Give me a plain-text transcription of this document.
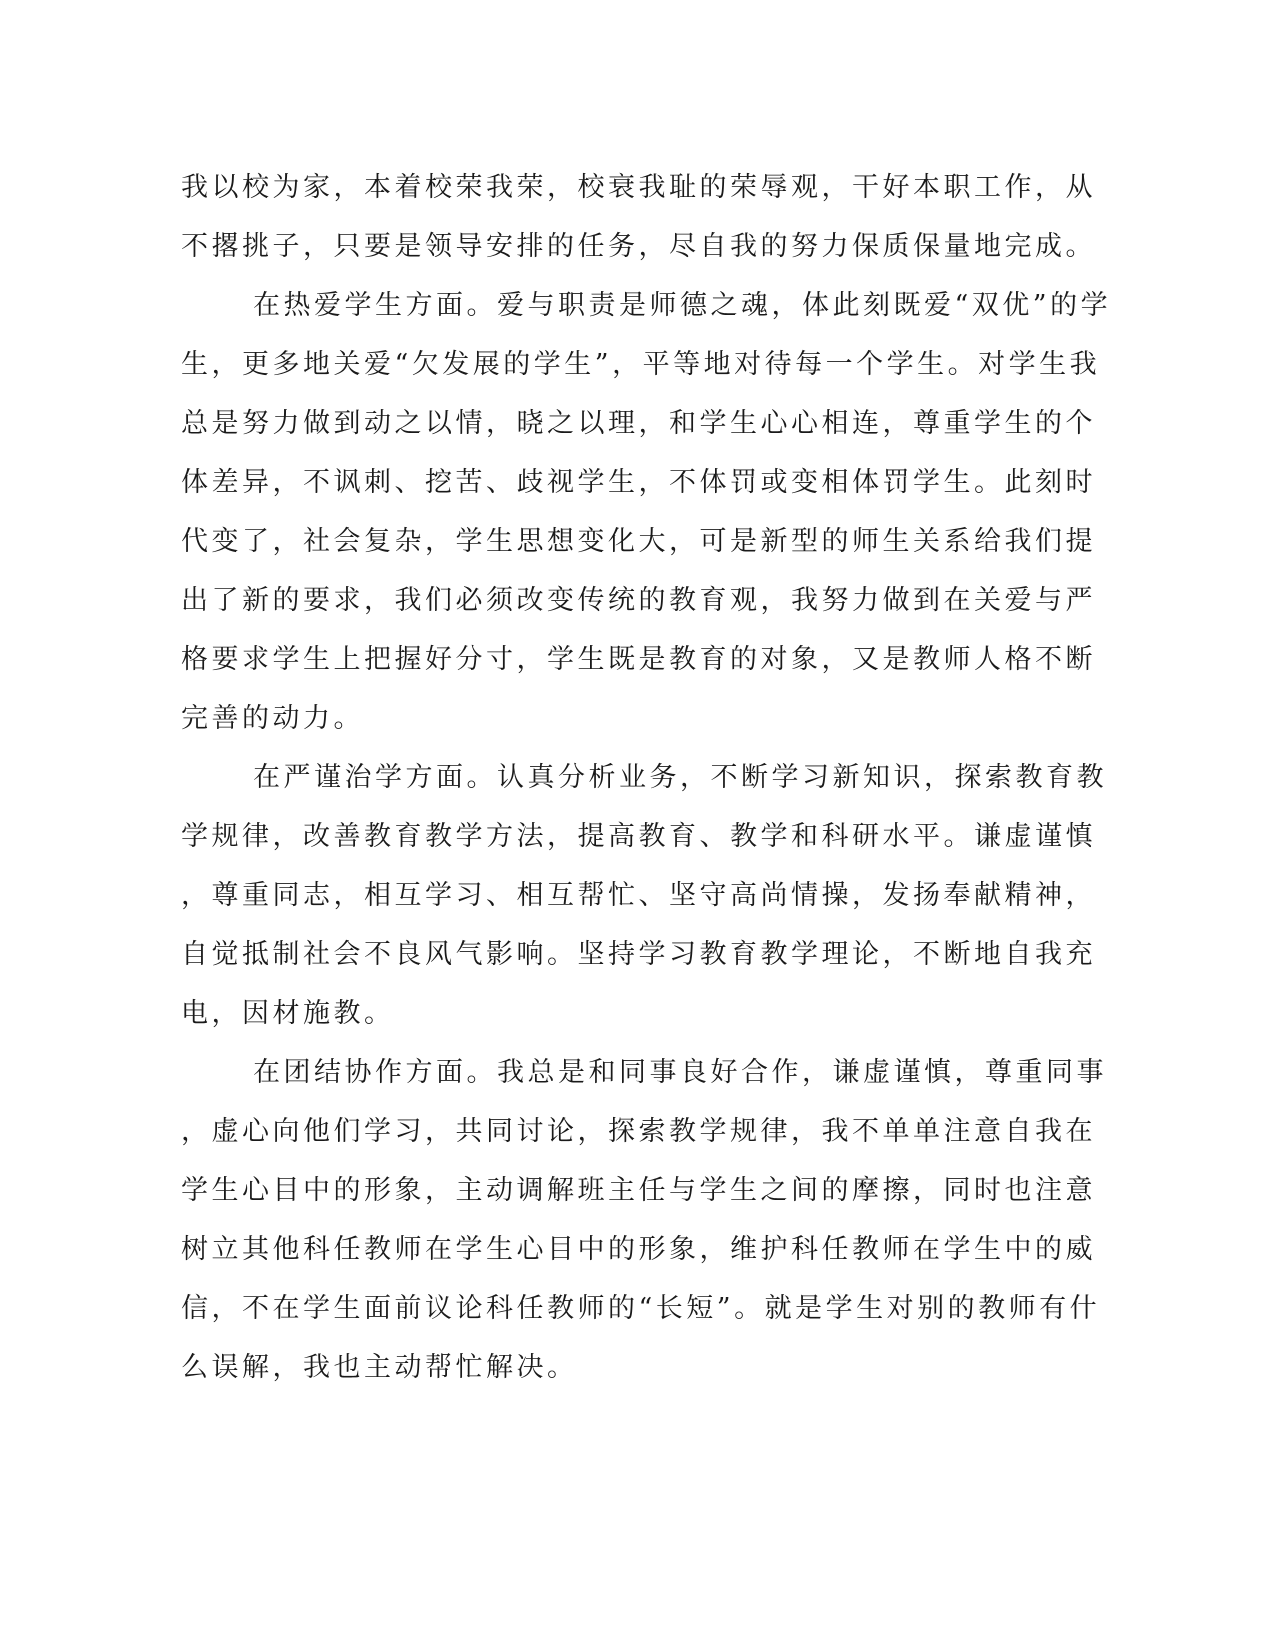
我以校为家，本着校荣我荣，校衰我耻的荣辱观，干好本职工作，从
不撂挑子，只要是领导安排的任务，尽自我的努力保质保量地完成。
在热爱学生方面。爱与职责是师德之魂，体此刻既爱“双优”的学
生，更多地关爱“欠发展的学生”，平等地对待每一个学生。对学生我
总是努力做到动之以情，晓之以理，和学生心心相连，尊重学生的个
体差异，不讽刺、挖苦、歧视学生，不体罚或变相体罚学生。此刻时
代变了，社会复杂，学生思想变化大，可是新型的师生关系给我们提
出了新的要求，我们必须改变传统的教育观，我努力做到在关爱与严
格要求学生上把握好分寸，学生既是教育的对象，又是教师人格不断
完善的动力。
在严谨治学方面。认真分析业务，不断学习新知识，探索教育教
学规律，改善教育教学方法，提高教育、教学和科研水平。谦虚谨慎
，尊重同志，相互学习、相互帮忙、坚守高尚情操，发扬奉献精神，
自觉抵制社会不良风气影响。坚持学习教育教学理论，不断地自我充
电，因材施教。
在团结协作方面。我总是和同事良好合作，谦虚谨慎，尊重同事
，虚心向他们学习，共同讨论，探索教学规律，我不单单注意自我在
学生心目中的形象，主动调解班主任与学生之间的摩擦，同时也注意
树立其他科任教师在学生心目中的形象，维护科任教师在学生中的威
信，不在学生面前议论科任教师的“长短”。就是学生对别的教师有什
么误解，我也主动帮忙解决。
